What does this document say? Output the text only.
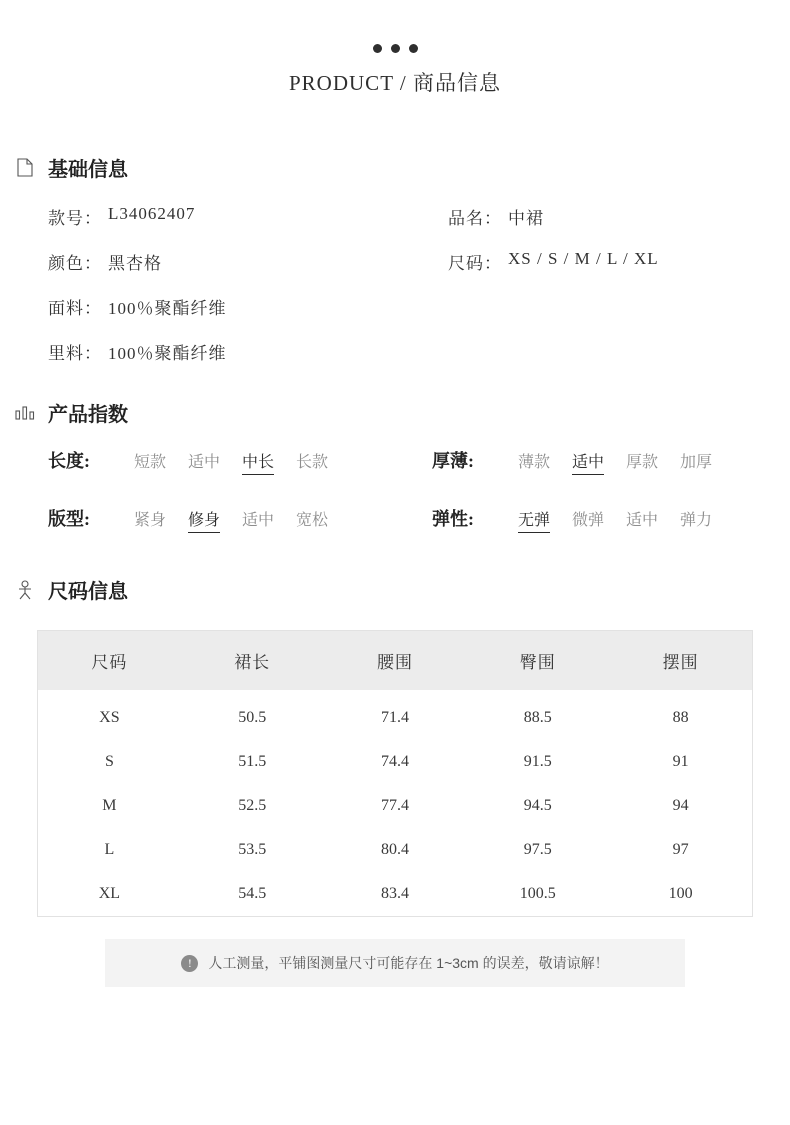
PRODUCT / 商品信息
基础信息
款号： L34062407	品名： 中裙
颜色： 黑杏格	尺码： XS / S / M / L / XL
面料： 100％聚酯纤维
里料： 100％聚酯纤维
产品指数
长度:	短款 适中 中长 长款	厚薄:	薄款 适中 厚款 加厚
版型:	紧身 修身 适中 宽松	弹性:	无弹 微弹 适中 弹力
尺码信息
尺码	裙长	腰围	臀围	摆围
XS	50.5	71.4	88.5	88
S	51.5	74.4	91.5	91
M	52.5	77.4	94.5	94
L	53.5	80.4	97.5	97
XL	54.5	83.4	100.5	100
!	人工测量，平铺图测量尺寸可能存在 1~3cm 的误差，敬请谅解！
